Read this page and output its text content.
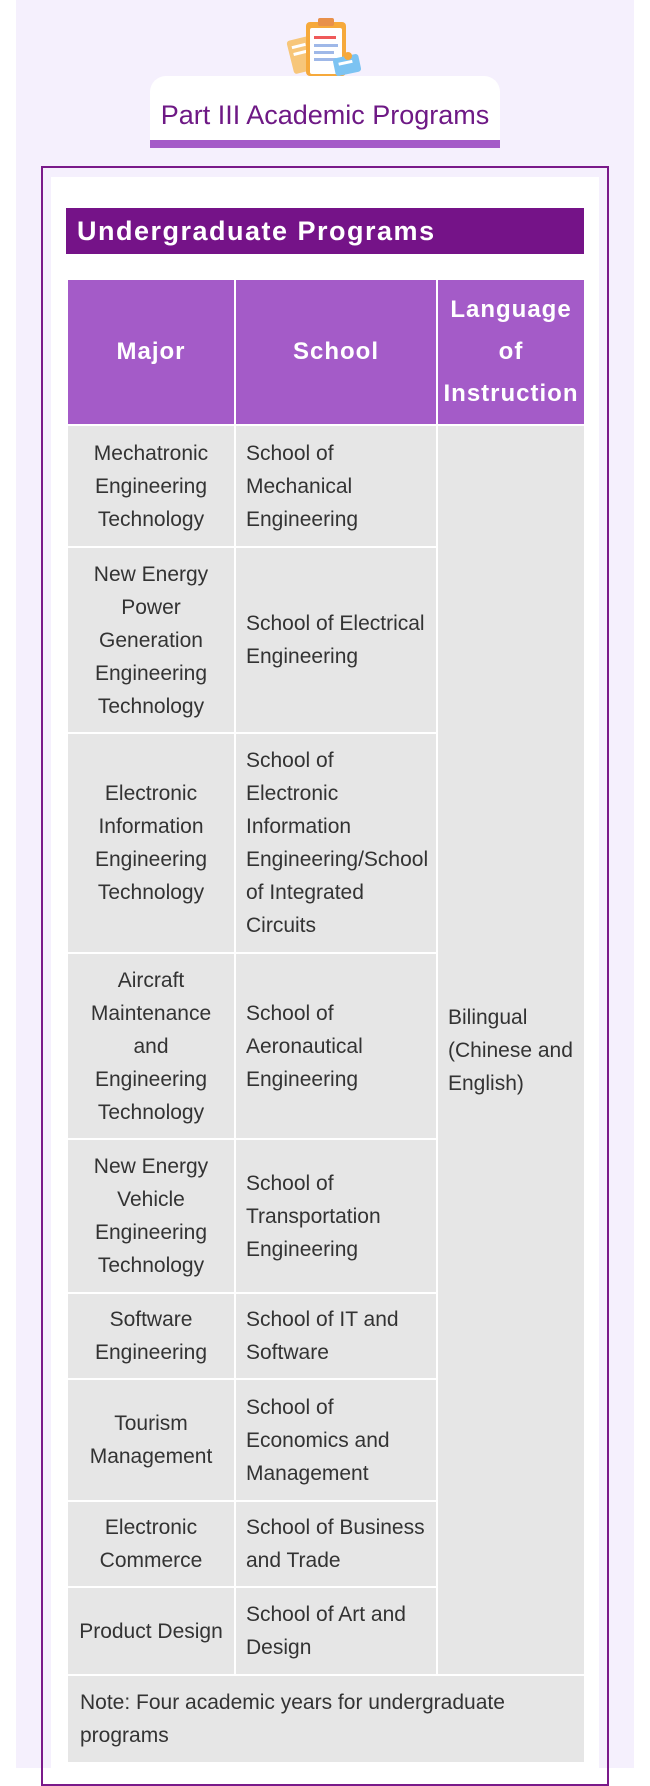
Part III Academic Programs
Undergraduate Programs
Major	School	Language of Instruction
Mechatronic Engineering Technology	School of Mechanical Engineering	Bilingual (Chinese and English)
New Energy Power Generation Engineering Technology	School of Electrical Engineering	
Electronic Information Engineering Technology	School of Electronic Information Engineering/School of Integrated Circuits	
Aircraft Maintenance and Engineering Technology	School of Aeronautical Engineering	
New Energy Vehicle Engineering Technology	School of Transportation Engineering	
Software Engineering	School of IT and Software	
Tourism Management	School of Economics and Management	
Electronic Commerce	School of Business and Trade	
Product Design	School of Art and Design	
Note: Four academic years for undergraduate programs		
